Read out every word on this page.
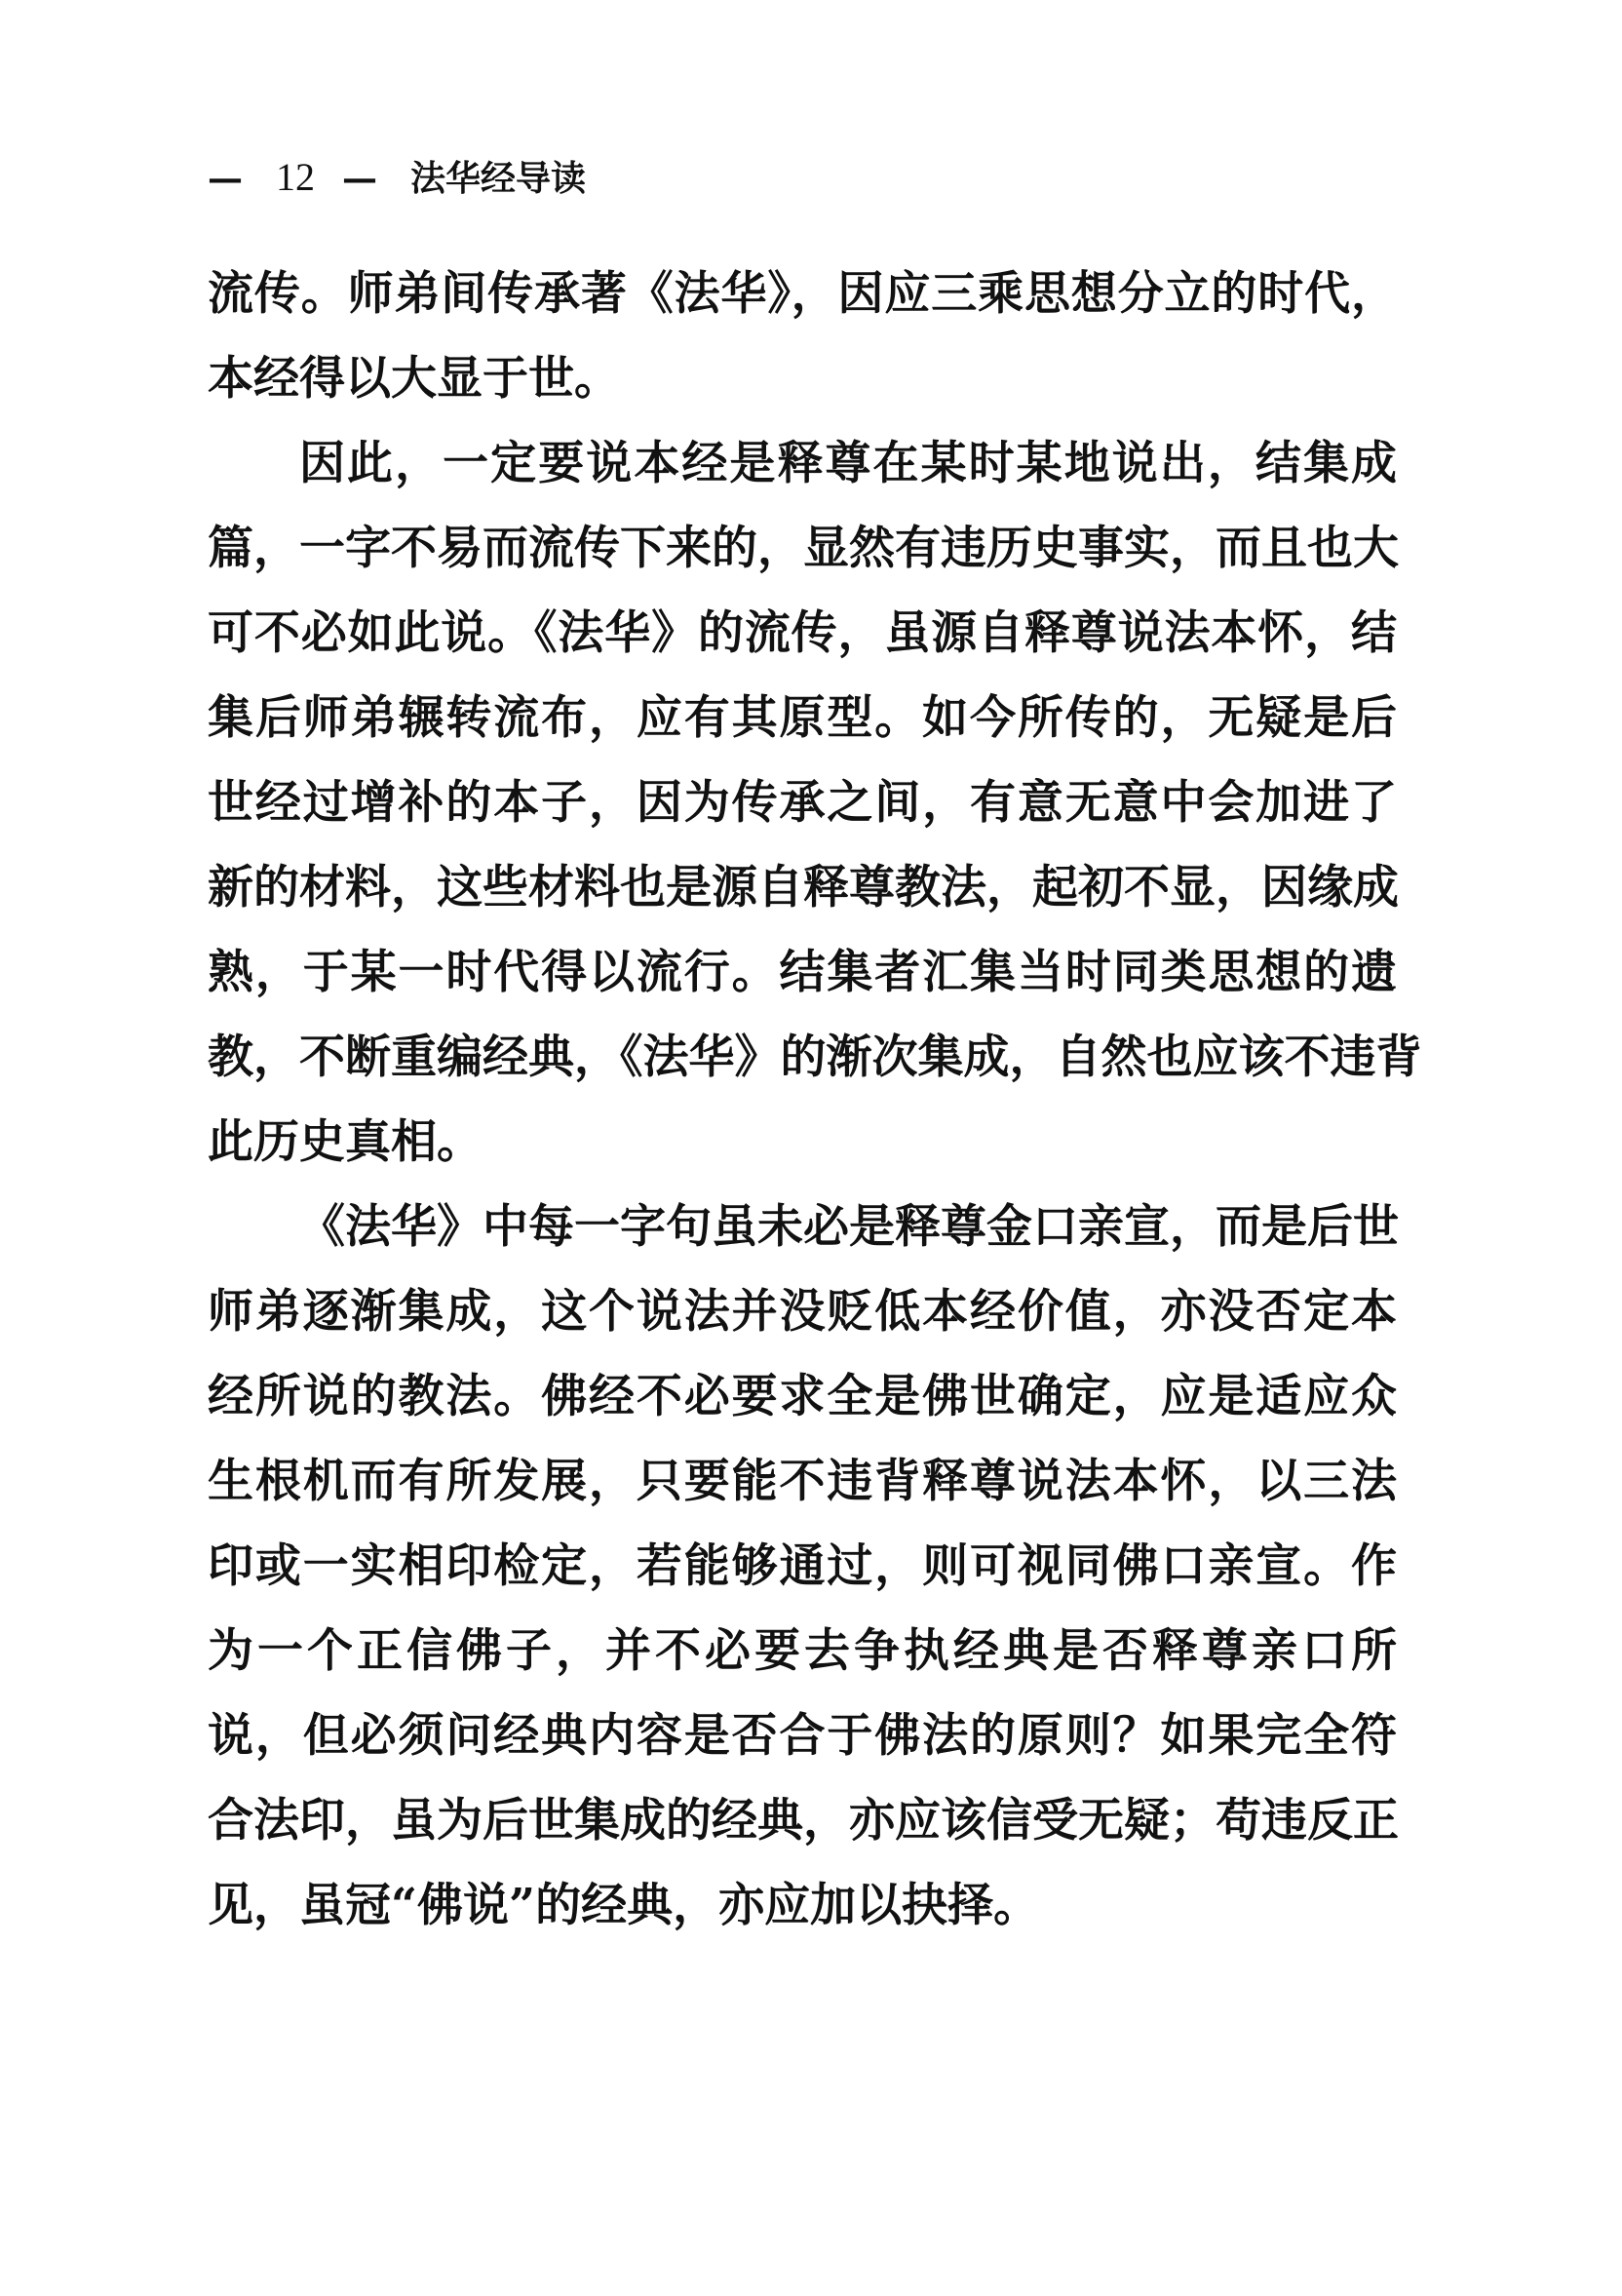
— 12 — 法华经导读
流传。师弟间传承著《法华》，因应三乘思想分立的时代，
本经得以大显于世。
因此，一定要说本经是释尊在某时某地说出，结集成
篇，一字不易而流传下来的，显然有违历史事实，而且也大
可不必如此说。《法华》的流传，虽源自释尊说法本怀，结
集后师弟辗转流布，应有其原型。如今所传的，无疑是后
世经过增补的本子，因为传承之间，有意无意中会加进了
新的材料，这些材料也是源自释尊教法，起初不显，因缘成
熟，于某一时代得以流行。结集者汇集当时同类思想的遗
教，不断重编经典，《法华》的渐次集成，自然也应该不违背
此历史真相。
《法华》中每一字句虽未必是释尊金口亲宣，而是后世
师弟逐渐集成，这个说法并没贬低本经价值，亦没否定本
经所说的教法。佛经不必要求全是佛世确定，应是适应众
生根机而有所发展，只要能不违背释尊说法本怀，以三法
印或一实相印检定，若能够通过，则可视同佛口亲宣。作
为一个正信佛子，并不必要去争执经典是否释尊亲口所
说，但必须问经典内容是否合于佛法的原则？如果完全符
合法印，虽为后世集成的经典，亦应该信受无疑；苟违反正
见，虽冠“佛说”的经典，亦应加以抉择。
